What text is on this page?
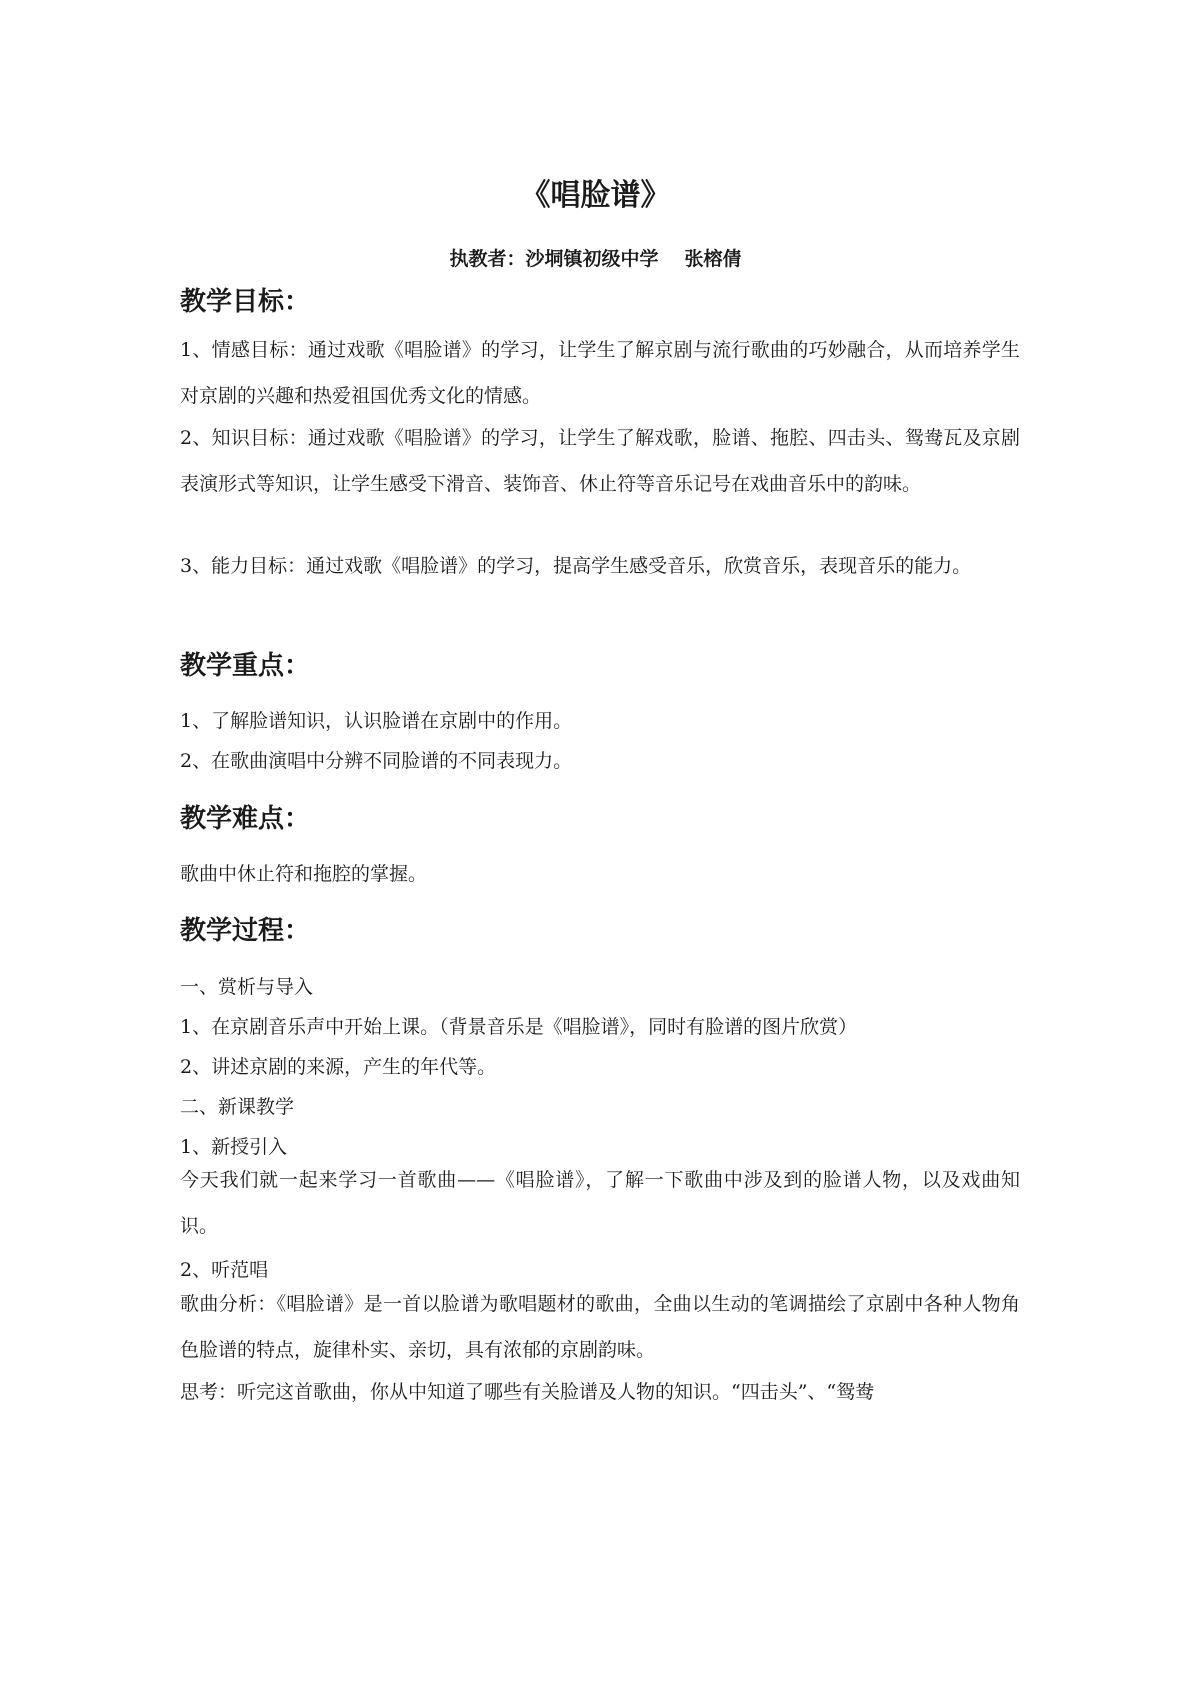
《唱脸谱》
执教者：沙垌镇初级中学 张榕倩
教学目标：
1、情感目标：通过戏歌《唱脸谱》的学习，让学生了解京剧与流行歌曲的巧妙融合，从而培养学生对京剧的兴趣和热爱祖国优秀文化的情感。
2、知识目标：通过戏歌《唱脸谱》的学习，让学生了解戏歌，脸谱、拖腔、四击头、鸳鸯瓦及京剧表演形式等知识，让学生感受下滑音、装饰音、休止符等音乐记号在戏曲音乐中的韵味。
3、能力目标：通过戏歌《唱脸谱》的学习，提高学生感受音乐，欣赏音乐，表现音乐的能力。
教学重点：
1、了解脸谱知识，认识脸谱在京剧中的作用。
2、在歌曲演唱中分辨不同脸谱的不同表现力。
教学难点：
歌曲中休止符和拖腔的掌握。
教学过程：
一、赏析与导入
1、在京剧音乐声中开始上课。（背景音乐是《唱脸谱》，同时有脸谱的图片欣赏）
2、讲述京剧的来源，产生的年代等。
二、新课教学
1、新授引入
今天我们就一起来学习一首歌曲——《唱脸谱》，了解一下歌曲中涉及到的脸谱人物，以及戏曲知识。
2、听范唱
歌曲分析：《唱脸谱》是一首以脸谱为歌唱题材的歌曲，全曲以生动的笔调描绘了京剧中各种人物角色脸谱的特点，旋律朴实、亲切，具有浓郁的京剧韵味。
思考：听完这首歌曲，你从中知道了哪些有关脸谱及人物的知识。“四击头”、“鸳鸯
